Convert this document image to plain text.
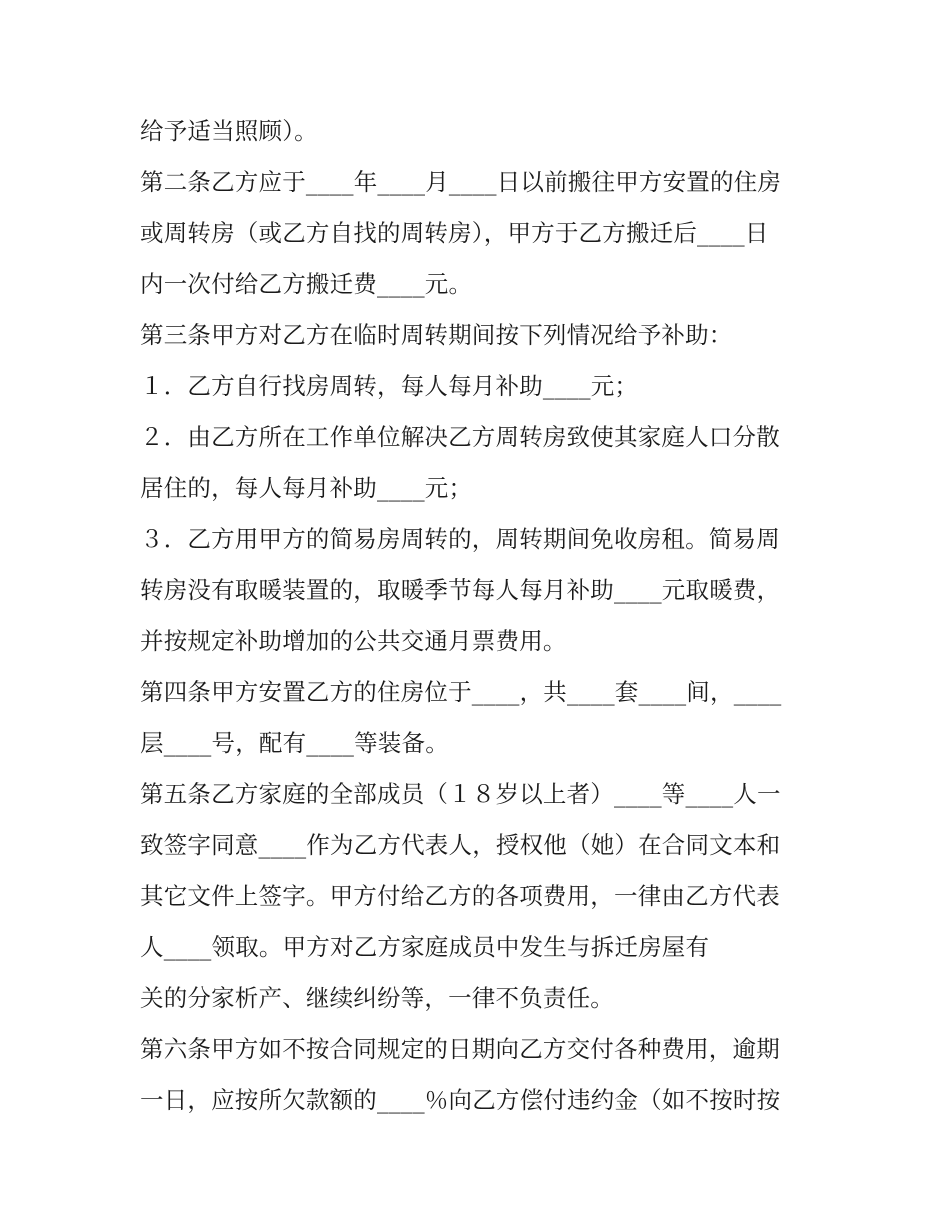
给予适当照顾）。
第二条乙方应于____年____月____日以前搬往甲方安置的住房
或周转房（或乙方自找的周转房），甲方于乙方搬迁后____日
内一次付给乙方搬迁费____元。
第三条甲方对乙方在临时周转期间按下列情况给予补助：
１．乙方自行找房周转，每人每月补助____元；
２．由乙方所在工作单位解决乙方周转房致使其家庭人口分散
居住的，每人每月补助____元；
３．乙方用甲方的简易房周转的，周转期间免收房租。简易周
转房没有取暖装置的，取暖季节每人每月补助____元取暖费，
并按规定补助增加的公共交通月票费用。
第四条甲方安置乙方的住房位于____，共____套____间，____
层____号，配有____等装备。
第五条乙方家庭的全部成员（１８岁以上者）____等____人一
致签字同意____作为乙方代表人，授权他（她）在合同文本和
其它文件上签字。甲方付给乙方的各项费用，一律由乙方代表
人____领取。甲方对乙方家庭成员中发生与拆迁房屋有
关的分家析产、继续纠纷等，一律不负责任。
第六条甲方如不按合同规定的日期向乙方交付各种费用，逾期
一日，应按所欠款额的____％向乙方偿付违约金（如不按时按
